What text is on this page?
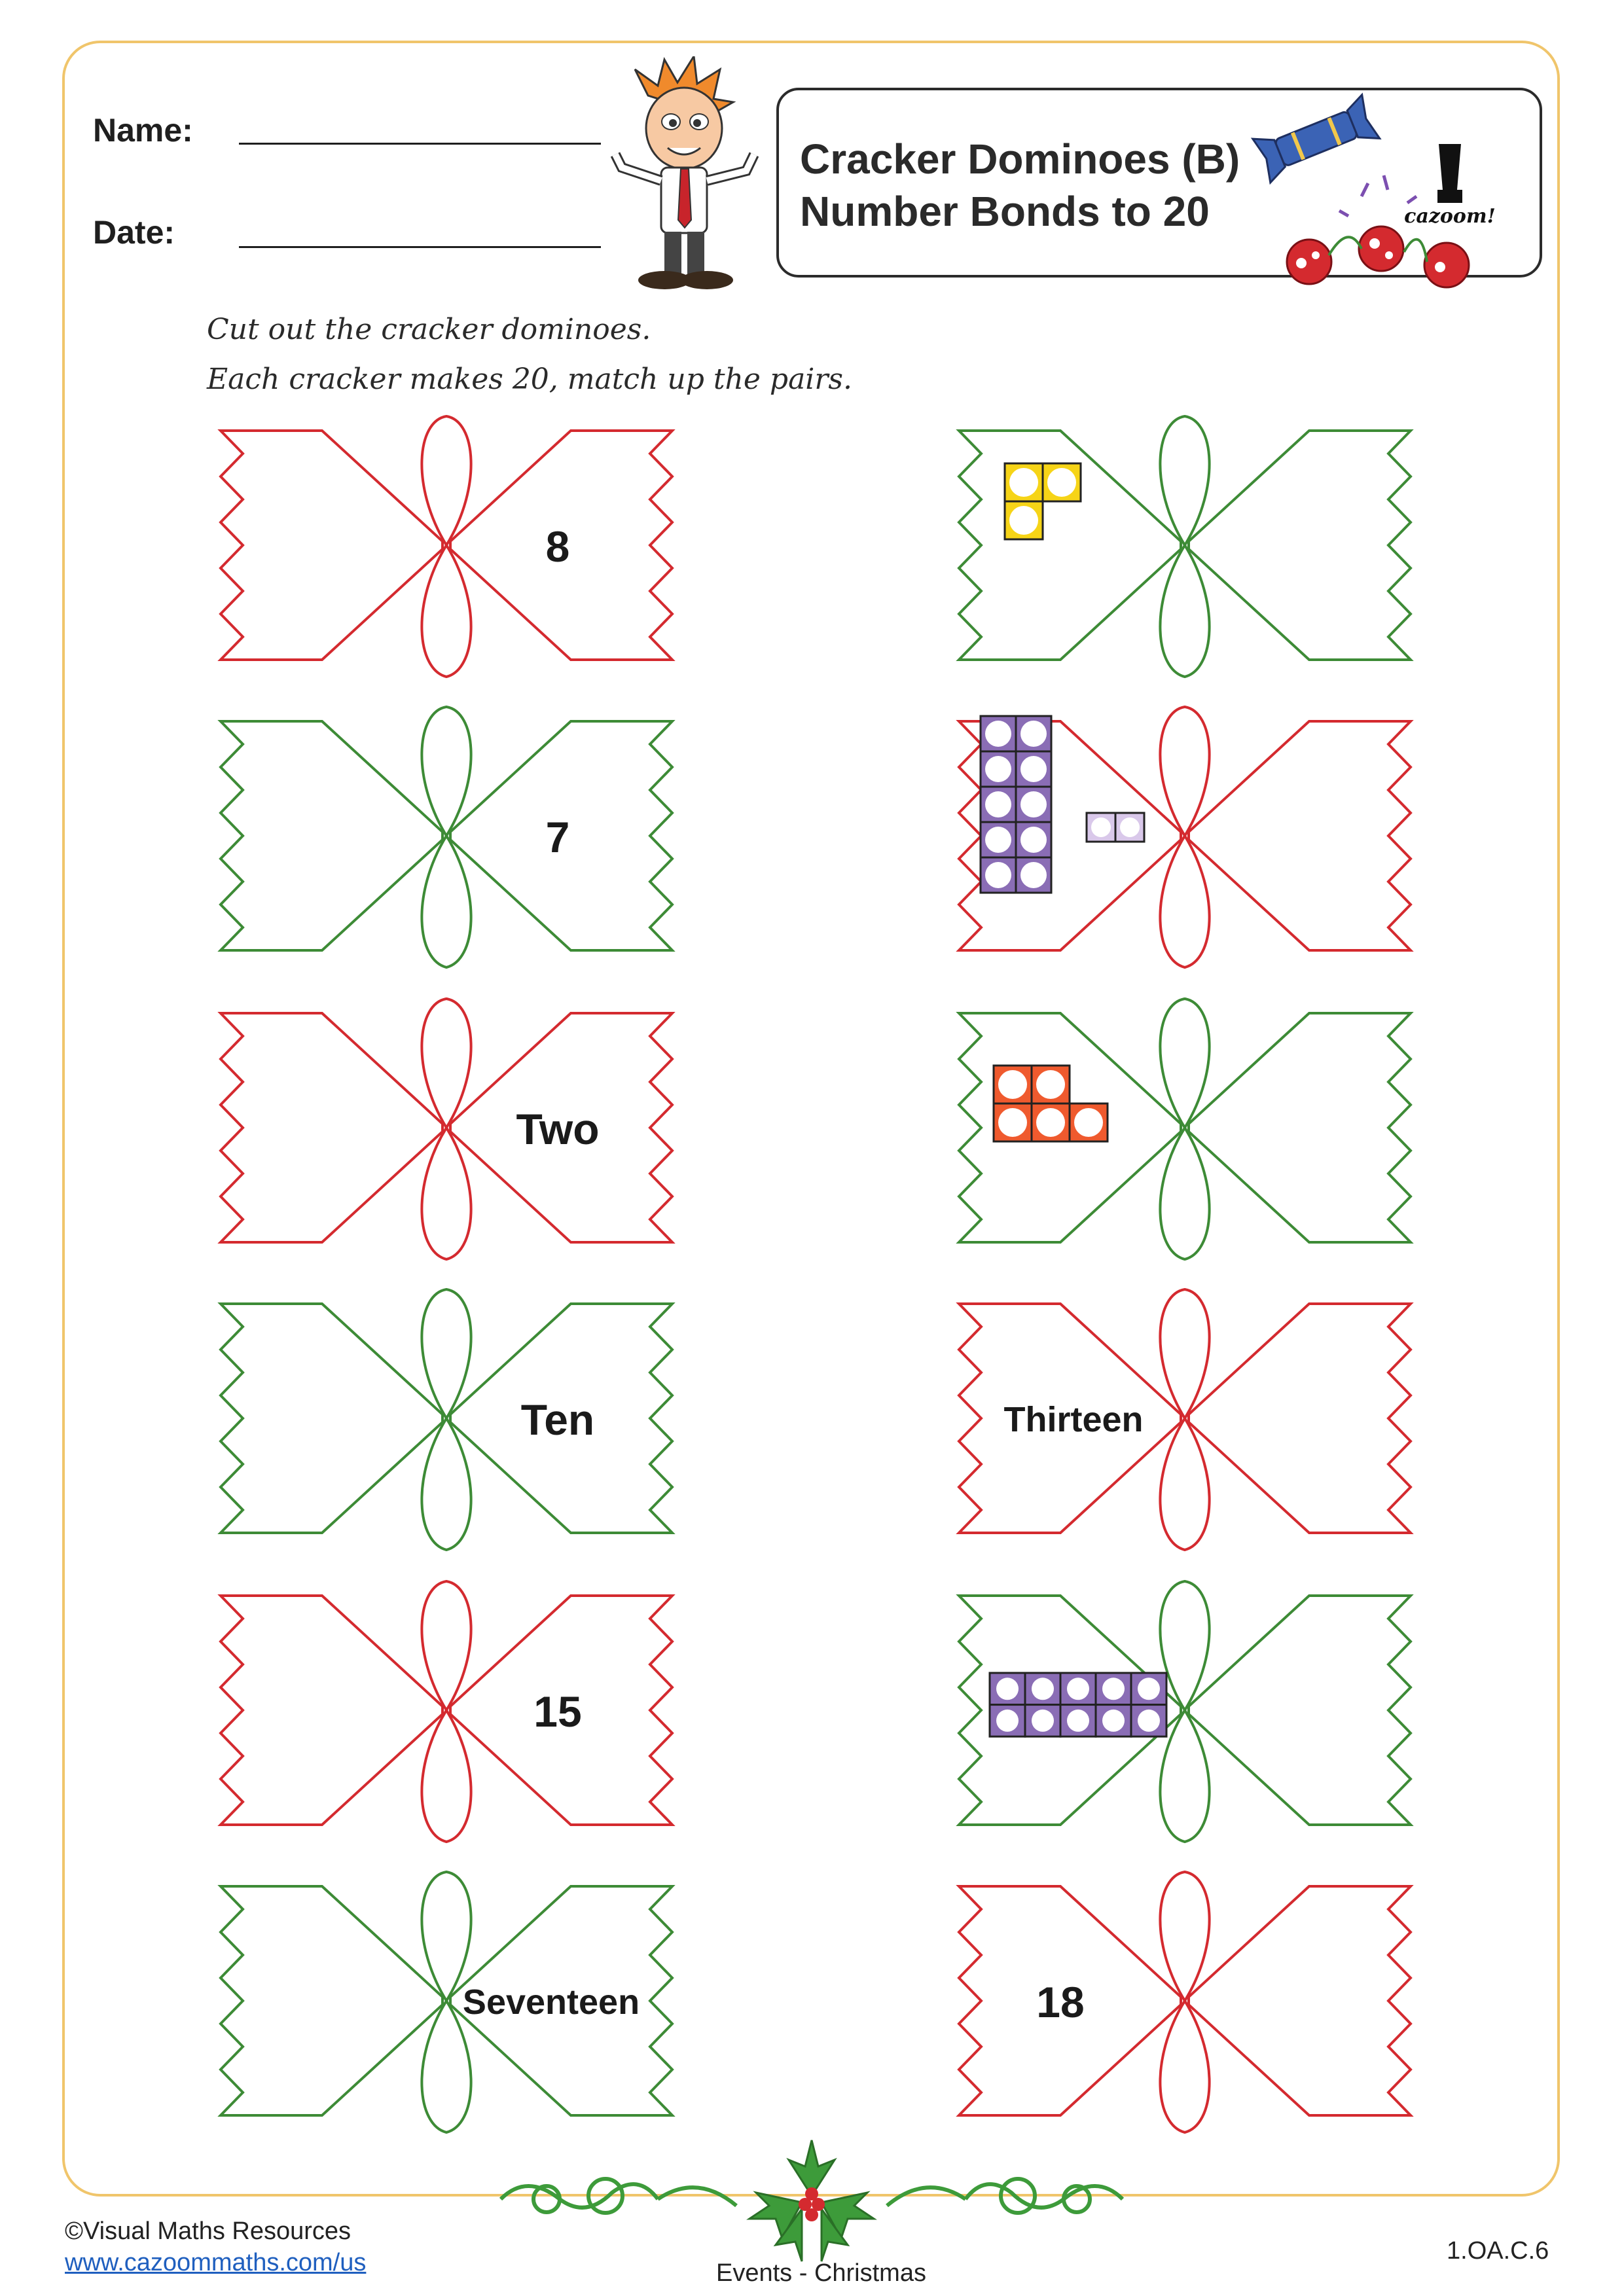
Name:
Date:
Cracker Dominoes (B)
Number Bonds to 20	cazoom!
Cut out the cracker dominoes.
Each cracker makes 20, match up the pairs.
8
7
Two
Ten	Thirteen
15
Seventeen	18
©Visual Maths Resources
www.cazoommaths.com/us	Events - Christmas
1.OA.C.6
